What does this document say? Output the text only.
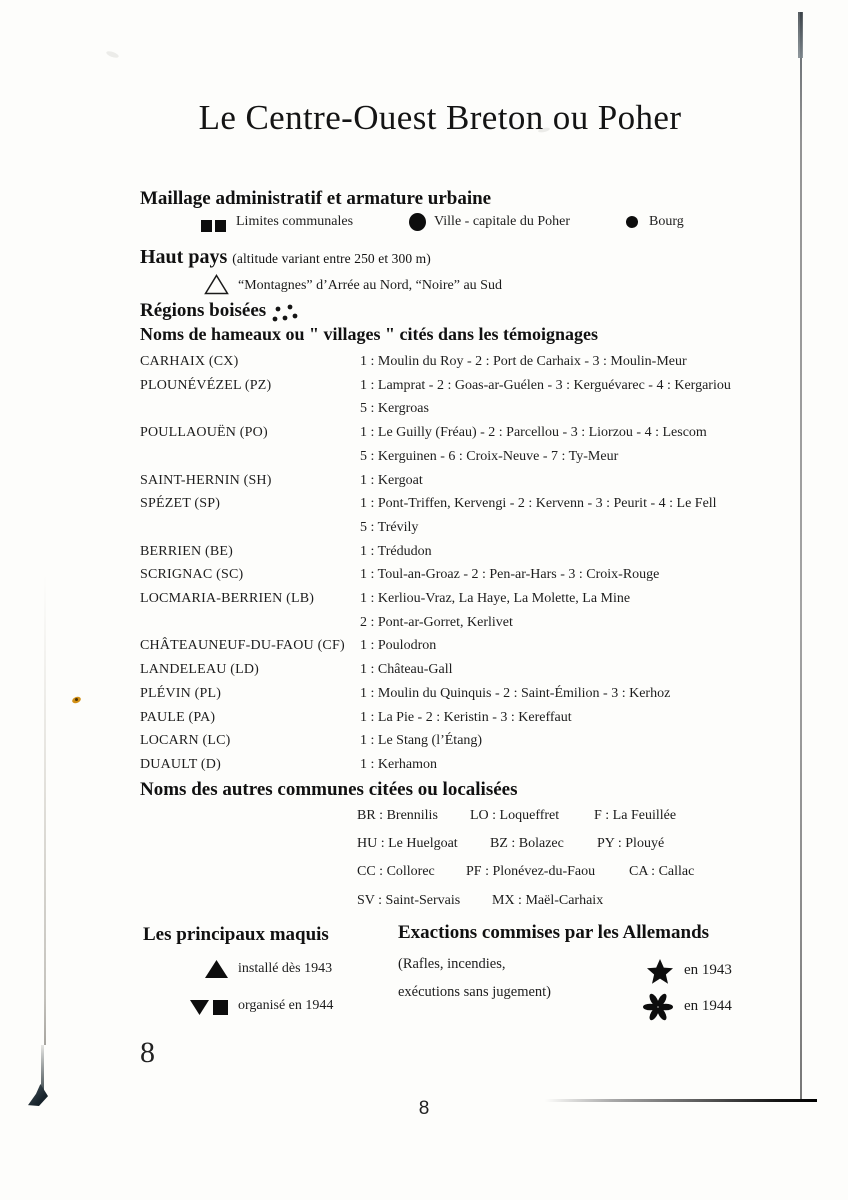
Le Centre-Ouest Breton ou Poher
Maillage administratif et armature urbaine
Limites communales	Ville - capitale du Poher	Bourg
Haut pays (altitude variant entre 250 et 300 m)
“Montagnes” d’Arrée au Nord, “Noire” au Sud
Régions boisées
Noms de hameaux ou " villages " cités dans les témoignages
CARHAIX (CX)	1 : Moulin du Roy - 2 : Port de Carhaix - 3 : Moulin-Meur
PLOUNÉVÉZEL (PZ)	1 : Lamprat - 2 : Goas-ar-Guélen - 3 : Kerguévarec - 4 : Kergariou
5 : Kergroas
POULLAOUËN (PO)	1 : Le Guilly (Fréau) - 2 : Parcellou - 3 : Liorzou - 4 : Lescom
5 : Kerguinen - 6 : Croix-Neuve - 7 : Ty-Meur
SAINT-HERNIN (SH)	1 : Kergoat
SPÉZET (SP)	1 : Pont-Triffen, Kervengi - 2 : Kervenn - 3 : Peurit - 4 : Le Fell
5 : Trévily
BERRIEN (BE)	1 : Trédudon
SCRIGNAC (SC)	1 : Toul-an-Groaz - 2 : Pen-ar-Hars - 3 : Croix-Rouge
LOCMARIA-BERRIEN (LB)	1 : Kerliou-Vraz, La Haye, La Molette, La Mine
2 : Pont-ar-Gorret, Kerlivet
CHÂTEAUNEUF-DU-FAOU (CF)	1 : Poulodron
LANDELEAU (LD)	1 : Château-Gall
PLÉVIN (PL)	1 : Moulin du Quinquis - 2 : Saint-Émilion - 3 : Kerhoz
PAULE (PA)	1 : La Pie - 2 : Keristin - 3 : Kereffaut
LOCARN (LC)	1 : Le Stang (l’Étang)
DUAULT (D)	1 : Kerhamon
Noms des autres communes citées ou localisées
BR : Brennilis LO : Loqueffret F : La Feuillée
HU : Le Huelgoat BZ : Bolazec PY : Plouyé
CC : Collorec PF : Plonévez-du-Faou CA : Callac
SV : Saint-Servais MX : Maël-Carhaix
Les principaux maquis
installé dès 1943
organisé en 1944
Exactions commises par les Allemands
(Rafles, incendies,
exécutions sans jugement)
en 1943
en 1944
8
8
